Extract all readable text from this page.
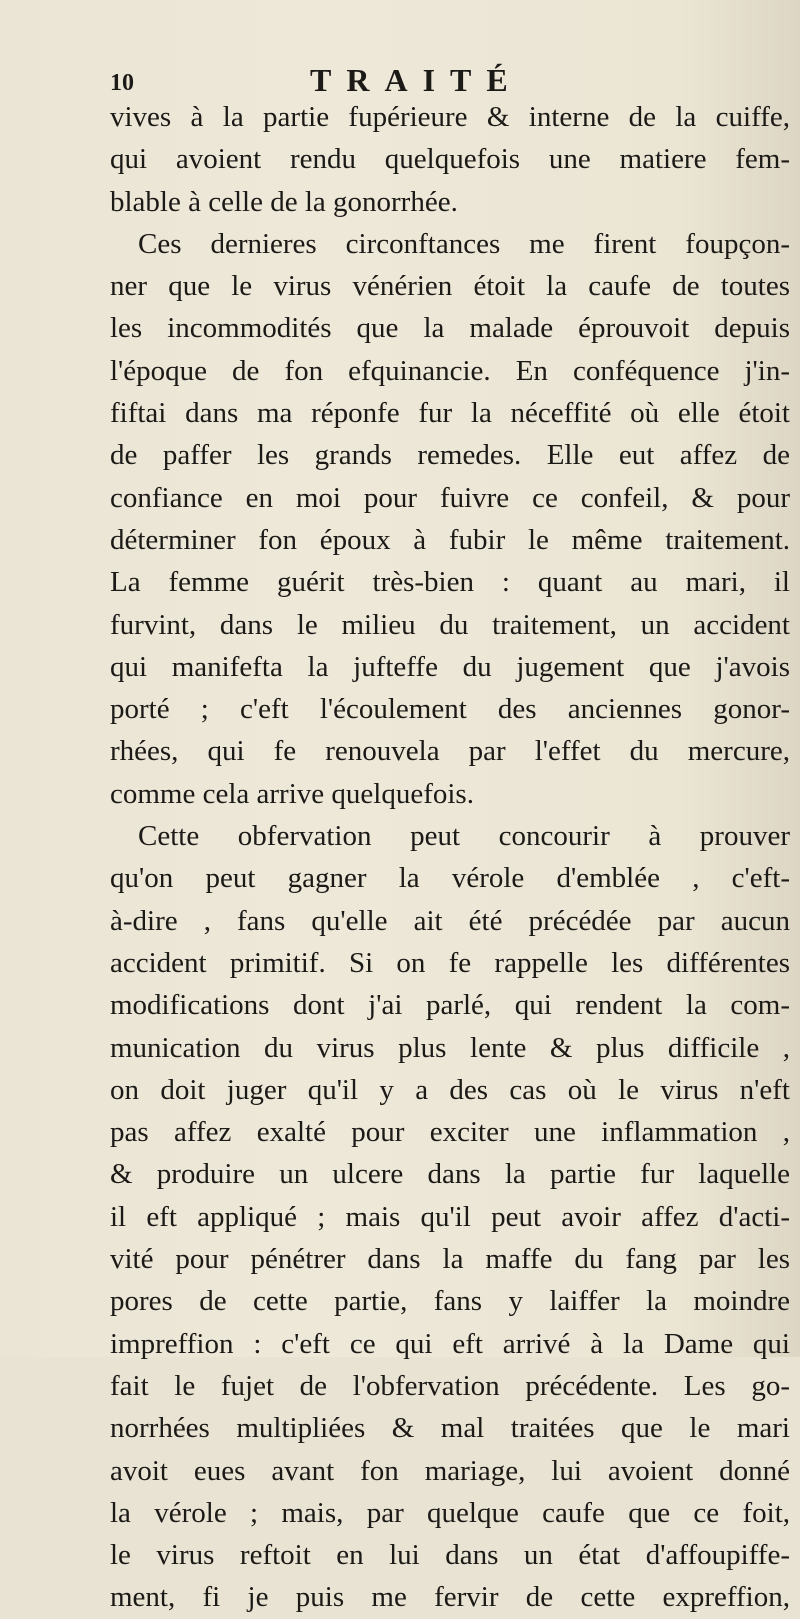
10	TRAITÉ
vives à la partie fupérieure & interne de la cuiffe,
qui avoient rendu quelquefois une matiere fem-
blable à celle de la gonorrhée.
Ces dernieres circonftances me firent foupçon-
ner que le virus vénérien étoit la caufe de toutes
les incommodités que la malade éprouvoit depuis
l'époque de fon efquinancie. En conféquence j'in-
fiftai dans ma réponfe fur la néceffité où elle étoit
de paffer les grands remedes. Elle eut affez de
confiance en moi pour fuivre ce confeil, & pour
déterminer fon époux à fubir le même traitement.
La femme guérit très-bien : quant au mari, il
furvint, dans le milieu du traitement, un accident
qui manifefta la jufteffe du jugement que j'avois
porté ; c'eft l'écoulement des anciennes gonor-
rhées, qui fe renouvela par l'effet du mercure,
comme cela arrive quelquefois.
Cette obfervation peut concourir à prouver
qu'on peut gagner la vérole d'emblée , c'eft-
à-dire , fans qu'elle ait été précédée par aucun
accident primitif. Si on fe rappelle les différentes
modifications dont j'ai parlé, qui rendent la com-
munication du virus plus lente & plus difficile ,
on doit juger qu'il y a des cas où le virus n'eft
pas affez exalté pour exciter une inflammation ,
& produire un ulcere dans la partie fur laquelle
il eft appliqué ; mais qu'il peut avoir affez d'acti-
vité pour pénétrer dans la maffe du fang par les
pores de cette partie, fans y laiffer la moindre
impreffion : c'eft ce qui eft arrivé à la Dame qui
fait le fujet de l'obfervation précédente. Les go-
norrhées multipliées & mal traitées que le mari
avoit eues avant fon mariage, lui avoient donné
la vérole ; mais, par quelque caufe que ce foit,
le virus reftoit en lui dans un état d'affoupiffe-
ment, fi je puis me fervir de cette expreffion,
